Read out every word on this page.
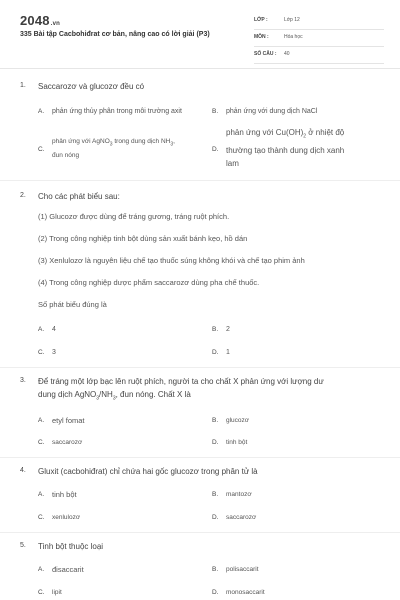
2048.vn
335 Bài tập Cacbohiđrat cơ bản, nâng cao có lời giải (P3)
LỚP :	Lớp 12
MÔN :	Hóa học
SỐ CÂU : 40
1. Saccarozơ và glucozơ đều có
A. phản ứng thủy phân trong môi trường axit	B. phản ứng với dung dịch NaCl
C.
phản ứng với AgNO$_3$ trong dung dịch $NH_3$,
đun nóng
D.
phản ứng với $Cu(OH)_2$ ở nhiệt độ
thường tạo thành dung dịch xanh
lam
2. Cho các phát biểu sau:
(1) Glucozơ được dùng để tráng gương, tráng ruột phích.
(2) Trong công nghiệp tinh bột dùng sản xuất bánh kẹo, hồ dán
(3) Xenlulozơ là nguyên liệu chế tạo thuốc súng không khói và chế tạo phim ảnh
(4) Trong công nghiệp dược phẩm saccarozơ dùng pha chế thuốc.
Số phát biểu đúng là
A. 4	B. 2
C. 3	D. 1
3. Để tráng một lớp bạc lên ruột phích, người ta cho chất X phản ứng với lượng dư
dung dịch $AgNO_3/NH_3$, đun nóng. Chất X là
A. etyl fomat	B. glucozơ
C. saccarozơ	D. tinh bột
4. Gluxit (cacbohiđrat) chỉ chứa hai gốc glucozơ trong phân tử là
A. tinh bột	B. mantozơ
C. xenlulozơ	D. saccarozơ
5. Tinh bột thuộc loại
A. đisaccarit	B. polisaccarit
C. lipit	D. monosaccarit
